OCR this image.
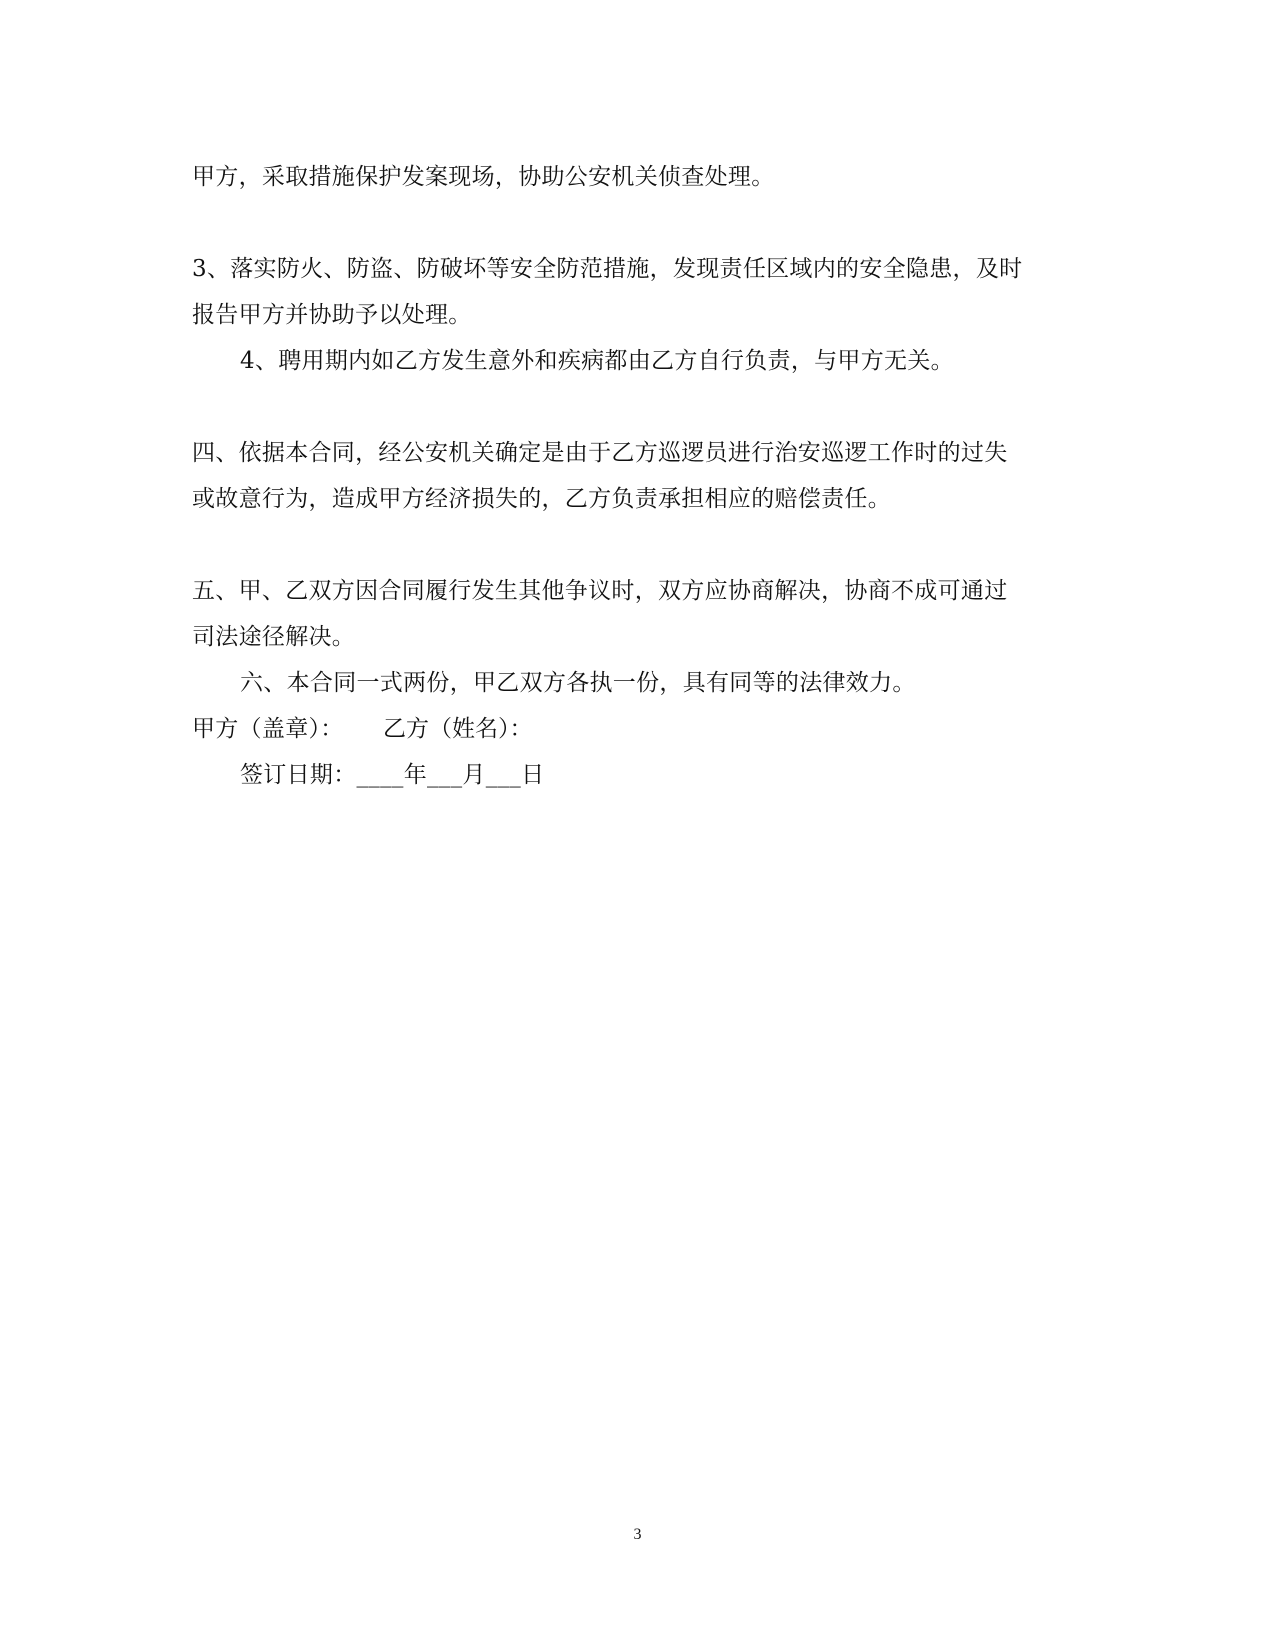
甲方，采取措施保护发案现场，协助公安机关侦查处理。
3、落实防火、防盗、防破坏等安全防范措施，发现责任区域内的安全隐患，及时
报告甲方并协助予以处理。
4、聘用期内如乙方发生意外和疾病都由乙方自行负责，与甲方无关。
四、依据本合同，经公安机关确定是由于乙方巡逻员进行治安巡逻工作时的过失
或故意行为，造成甲方经济损失的，乙方负责承担相应的赔偿责任。
五、甲、乙双方因合同履行发生其他争议时，双方应协商解决，协商不成可通过
司法途径解决。
六、本合同一式两份，甲乙双方各执一份，具有同等的法律效力。
甲方（盖章）：	乙方（姓名）：
签订日期：____年___月___日
3
